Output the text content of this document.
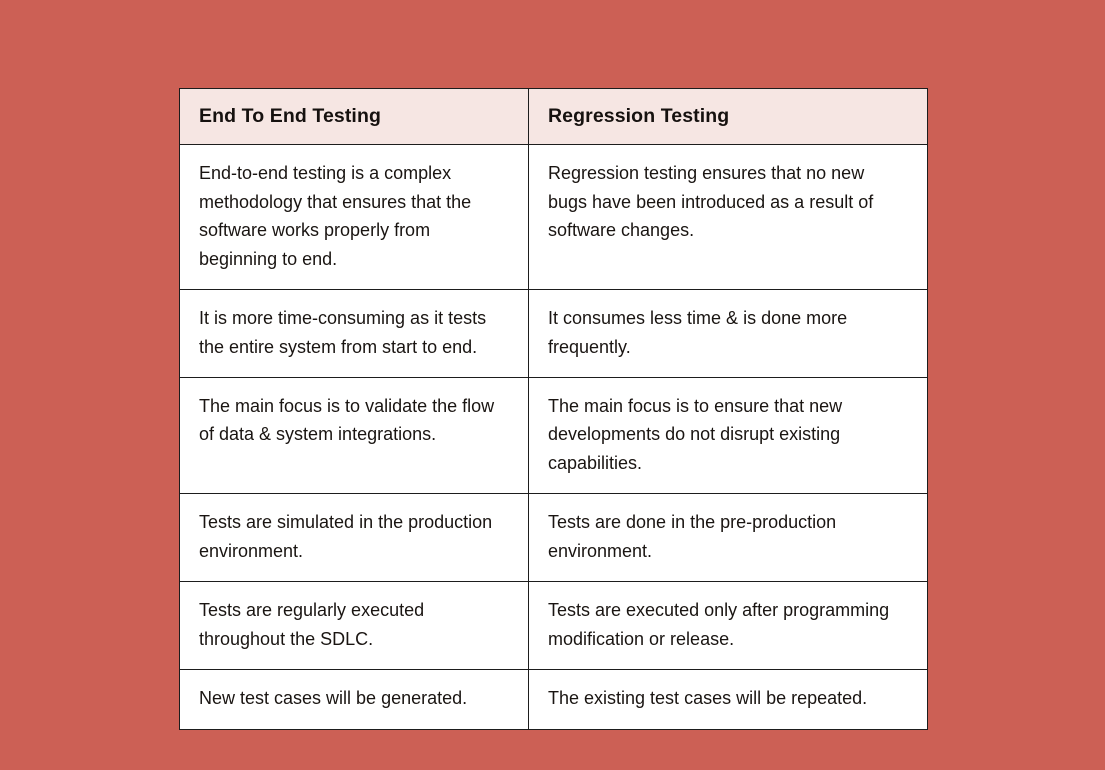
End To End Testing	Regression Testing
End-to-end testing is a complex methodology that ensures that the software works properly from beginning to end.	Regression testing ensures that no new bugs have been introduced as a result of software changes.
It is more time-consuming as it tests the entire system from start to end.	It consumes less time & is done more frequently.
The main focus is to validate the flow of data & system integrations.	The main focus is to ensure that new developments do not disrupt existing capabilities.
Tests are simulated in the production environment.	Tests are done in the pre-production environment.
Tests are regularly executed throughout the SDLC.	Tests are executed only after programming modification or release.
New test cases will be generated.	The existing test cases will be repeated.
